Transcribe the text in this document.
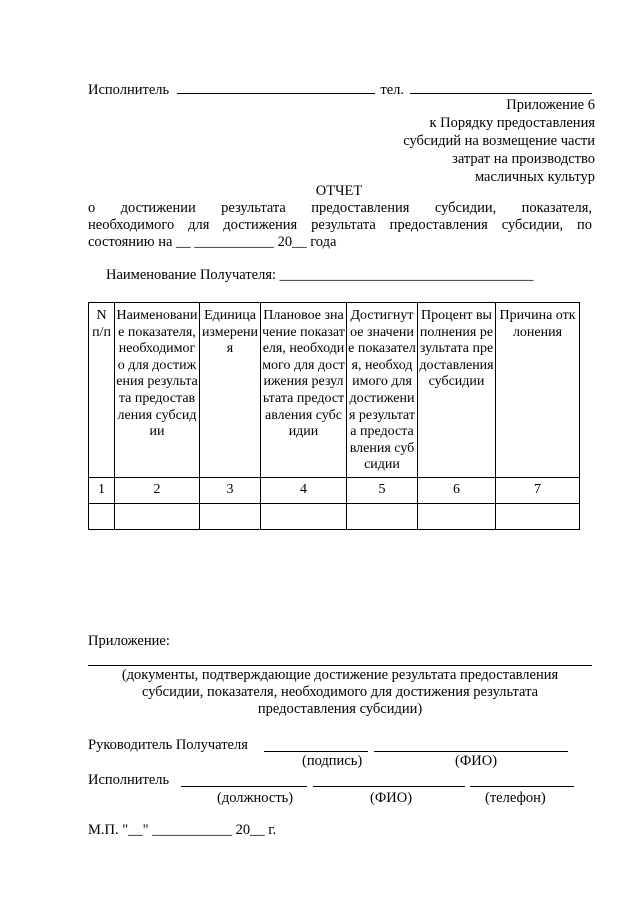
Исполнитель	тел.
Приложение 6
к Порядку предоставления
субсидий на возмещение части
затрат на производство
масличных культур
ОТЧЕТ
о достижении результата предоставления субсидии, показателя,
необходимого для достижения результата предоставления субсидии, по
состоянию на __ ___________ 20__ года
Наименование Получателя: ___________________________________
N п/п	Наименование показателя, необходимого для достижения результата предоставления субсидии	Единица измерения	Плановое значение показателя, необходимого для достижения результата предоставления субсидии	Достигнутое значение показателя, необходимого для достижения результата предоставления субсидии	Процент выполнения результата предоставления субсидии	Причина отклонения
1	2	3	4	5	6	7

Приложение:
(документы, подтверждающие достижение результата предоставления
субсидии, показателя, необходимого для достижения результата
предоставления субсидии)
Руководитель Получателя
(подпись)	(ФИО)
Исполнитель
(должность)	(ФИО)	(телефон)
М.П. "__" ___________ 20__ г.
